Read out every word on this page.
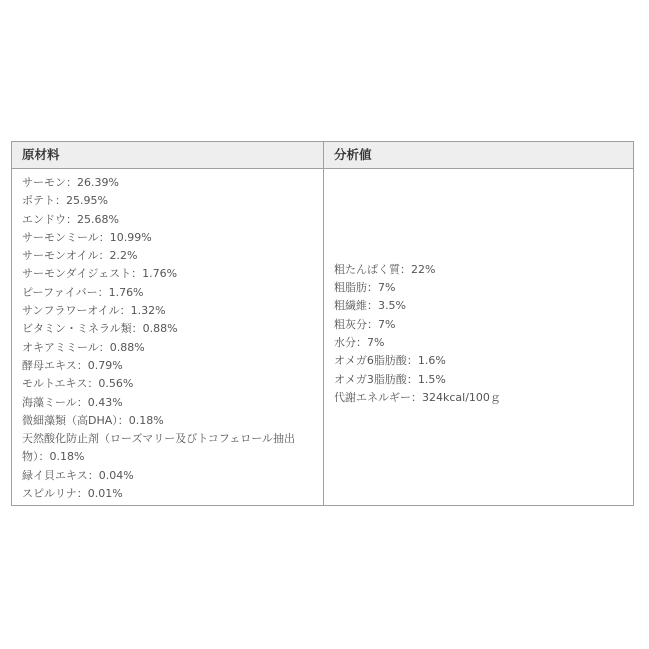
原材料	分析値
サーモン：26.39%
ポテト：25.95%
エンドウ：25.68%
サーモンミール：10.99%
サーモンオイル：2.2%
サーモンダイジェスト：1.76%
ピーファイバー：1.76%
サンフラワーオイル：1.32%
ビタミン・ミネラル類：0.88%
オキアミミール：0.88%
酵母エキス：0.79%
モルトエキス：0.56%
海藻ミール：0.43%
微細藻類（高DHA）：0.18%
天然酸化防止剤（ローズマリー及びトコフェロール抽出物）：0.18%
緑イ貝エキス：0.04%
スピルリナ：0.01%
粗たんぱく質：22%
粗脂肪：7%
粗繊維：3.5%
粗灰分：7%
水分：7%
オメガ6脂肪酸：1.6%
オメガ3脂肪酸：1.5%
代謝エネルギー：324kcal/100ｇ
